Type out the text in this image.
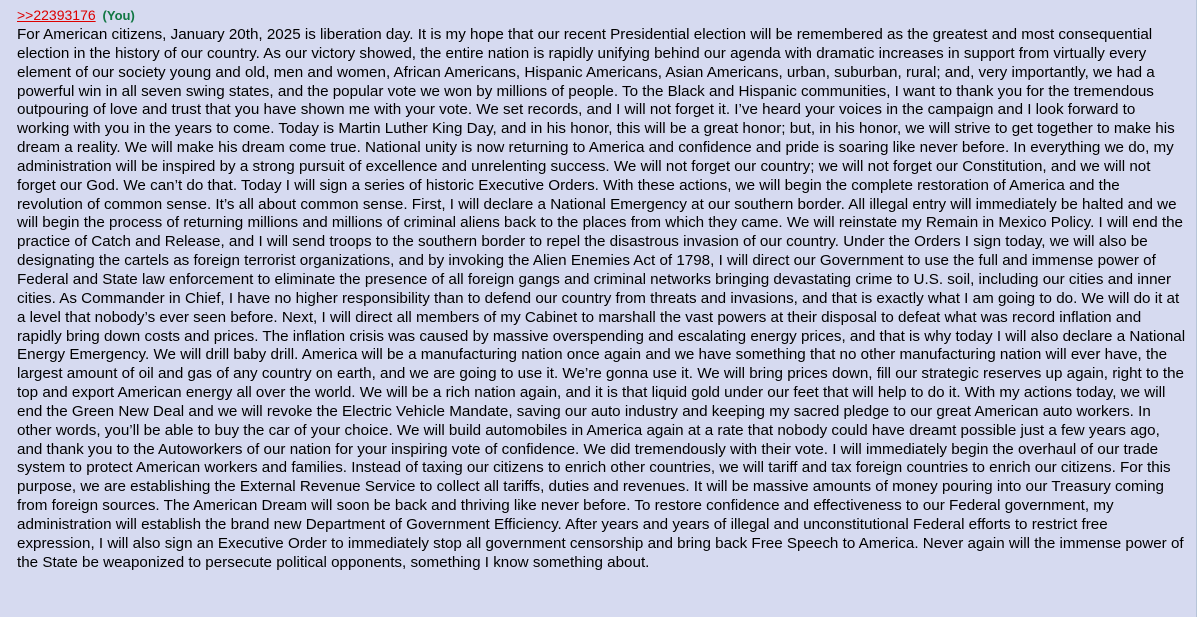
>>22393176 (You)

For American citizens, January 20th, 2025 is liberation day. It is my hope that our recent Presidential election will be remembered as the greatest and most consequential election in the history of our country. As our victory showed, the entire nation is rapidly unifying behind our agenda with dramatic increases in support from virtually every element of our society young and old, men and women, African Americans, Hispanic Americans, Asian Americans, urban, suburban, rural; and, very importantly, we had a powerful win in all seven swing states, and the popular vote we won by millions of people. To the Black and Hispanic communities, I want to thank you for the tremendous outpouring of love and trust that you have shown me with your vote. We set records, and I will not forget it. I’ve heard your voices in the campaign and I look forward to working with you in the years to come. Today is Martin Luther King Day, and in his honor, this will be a great honor; but, in his honor, we will strive to get together to make his dream a reality. We will make his dream come true. National unity is now returning to America and confidence and pride is soaring like never before. In everything we do, my administration will be inspired by a strong pursuit of excellence and unrelenting success. We will not forget our country; we will not forget our Constitution, and we will not forget our God. We can’t do that. Today I will sign a series of historic Executive Orders. With these actions, we will begin the complete restoration of America and the revolution of common sense. It’s all about common sense. First, I will declare a National Emergency at our southern border. All illegal entry will immediately be halted and we will begin the process of returning millions and millions of criminal aliens back to the places from which they came. We will reinstate my Remain in Mexico Policy. I will end the practice of Catch and Release, and I will send troops to the southern border to repel the disastrous invasion of our country. Under the Orders I sign today, we will also be designating the cartels as foreign terrorist organizations, and by invoking the Alien Enemies Act of 1798, I will direct our Government to use the full and immense power of Federal and State law enforcement to eliminate the presence of all foreign gangs and criminal networks bringing devastating crime to U.S. soil, including our cities and inner cities. As Commander in Chief, I have no higher responsibility than to defend our country from threats and invasions, and that is exactly what I am going to do. We will do it at a level that nobody’s ever seen before. Next, I will direct all members of my Cabinet to marshall the vast powers at their disposal to defeat what was record inflation and rapidly bring down costs and prices. The inflation crisis was caused by massive overspending and escalating energy prices, and that is why today I will also declare a National Energy Emergency. We will drill baby drill. America will be a manufacturing nation once again and we have something that no other manufacturing nation will ever have, the largest amount of oil and gas of any country on earth, and we are going to use it. We’re gonna use it. We will bring prices down, fill our strategic reserves up again, right to the top and export American energy all over the world. We will be a rich nation again, and it is that liquid gold under our feet that will help to do it. With my actions today, we will end the Green New Deal and we will revoke the Electric Vehicle Mandate, saving our auto industry and keeping my sacred pledge to our great American auto workers. In other words, you’ll be able to buy the car of your choice. We will build automobiles in America again at a rate that nobody could have dreamt possible just a few years ago, and thank you to the Autoworkers of our nation for your inspiring vote of confidence. We did tremendously with their vote. I will immediately begin the overhaul of our trade system to protect American workers and families. Instead of taxing our citizens to enrich other countries, we will tariff and tax foreign countries to enrich our citizens. For this purpose, we are establishing the External Revenue Service to collect all tariffs, duties and revenues. It will be massive amounts of money pouring into our Treasury coming from foreign sources. The American Dream will soon be back and thriving like never before. To restore confidence and effectiveness to our Federal government, my administration will establish the brand new Department of Government Efficiency. After years and years of illegal and unconstitutional Federal efforts to restrict free expression, I will also sign an Executive Order to immediately stop all government censorship and bring back Free Speech to America. Never again will the immense power of the State be weaponized to persecute political opponents, something I know something about.
